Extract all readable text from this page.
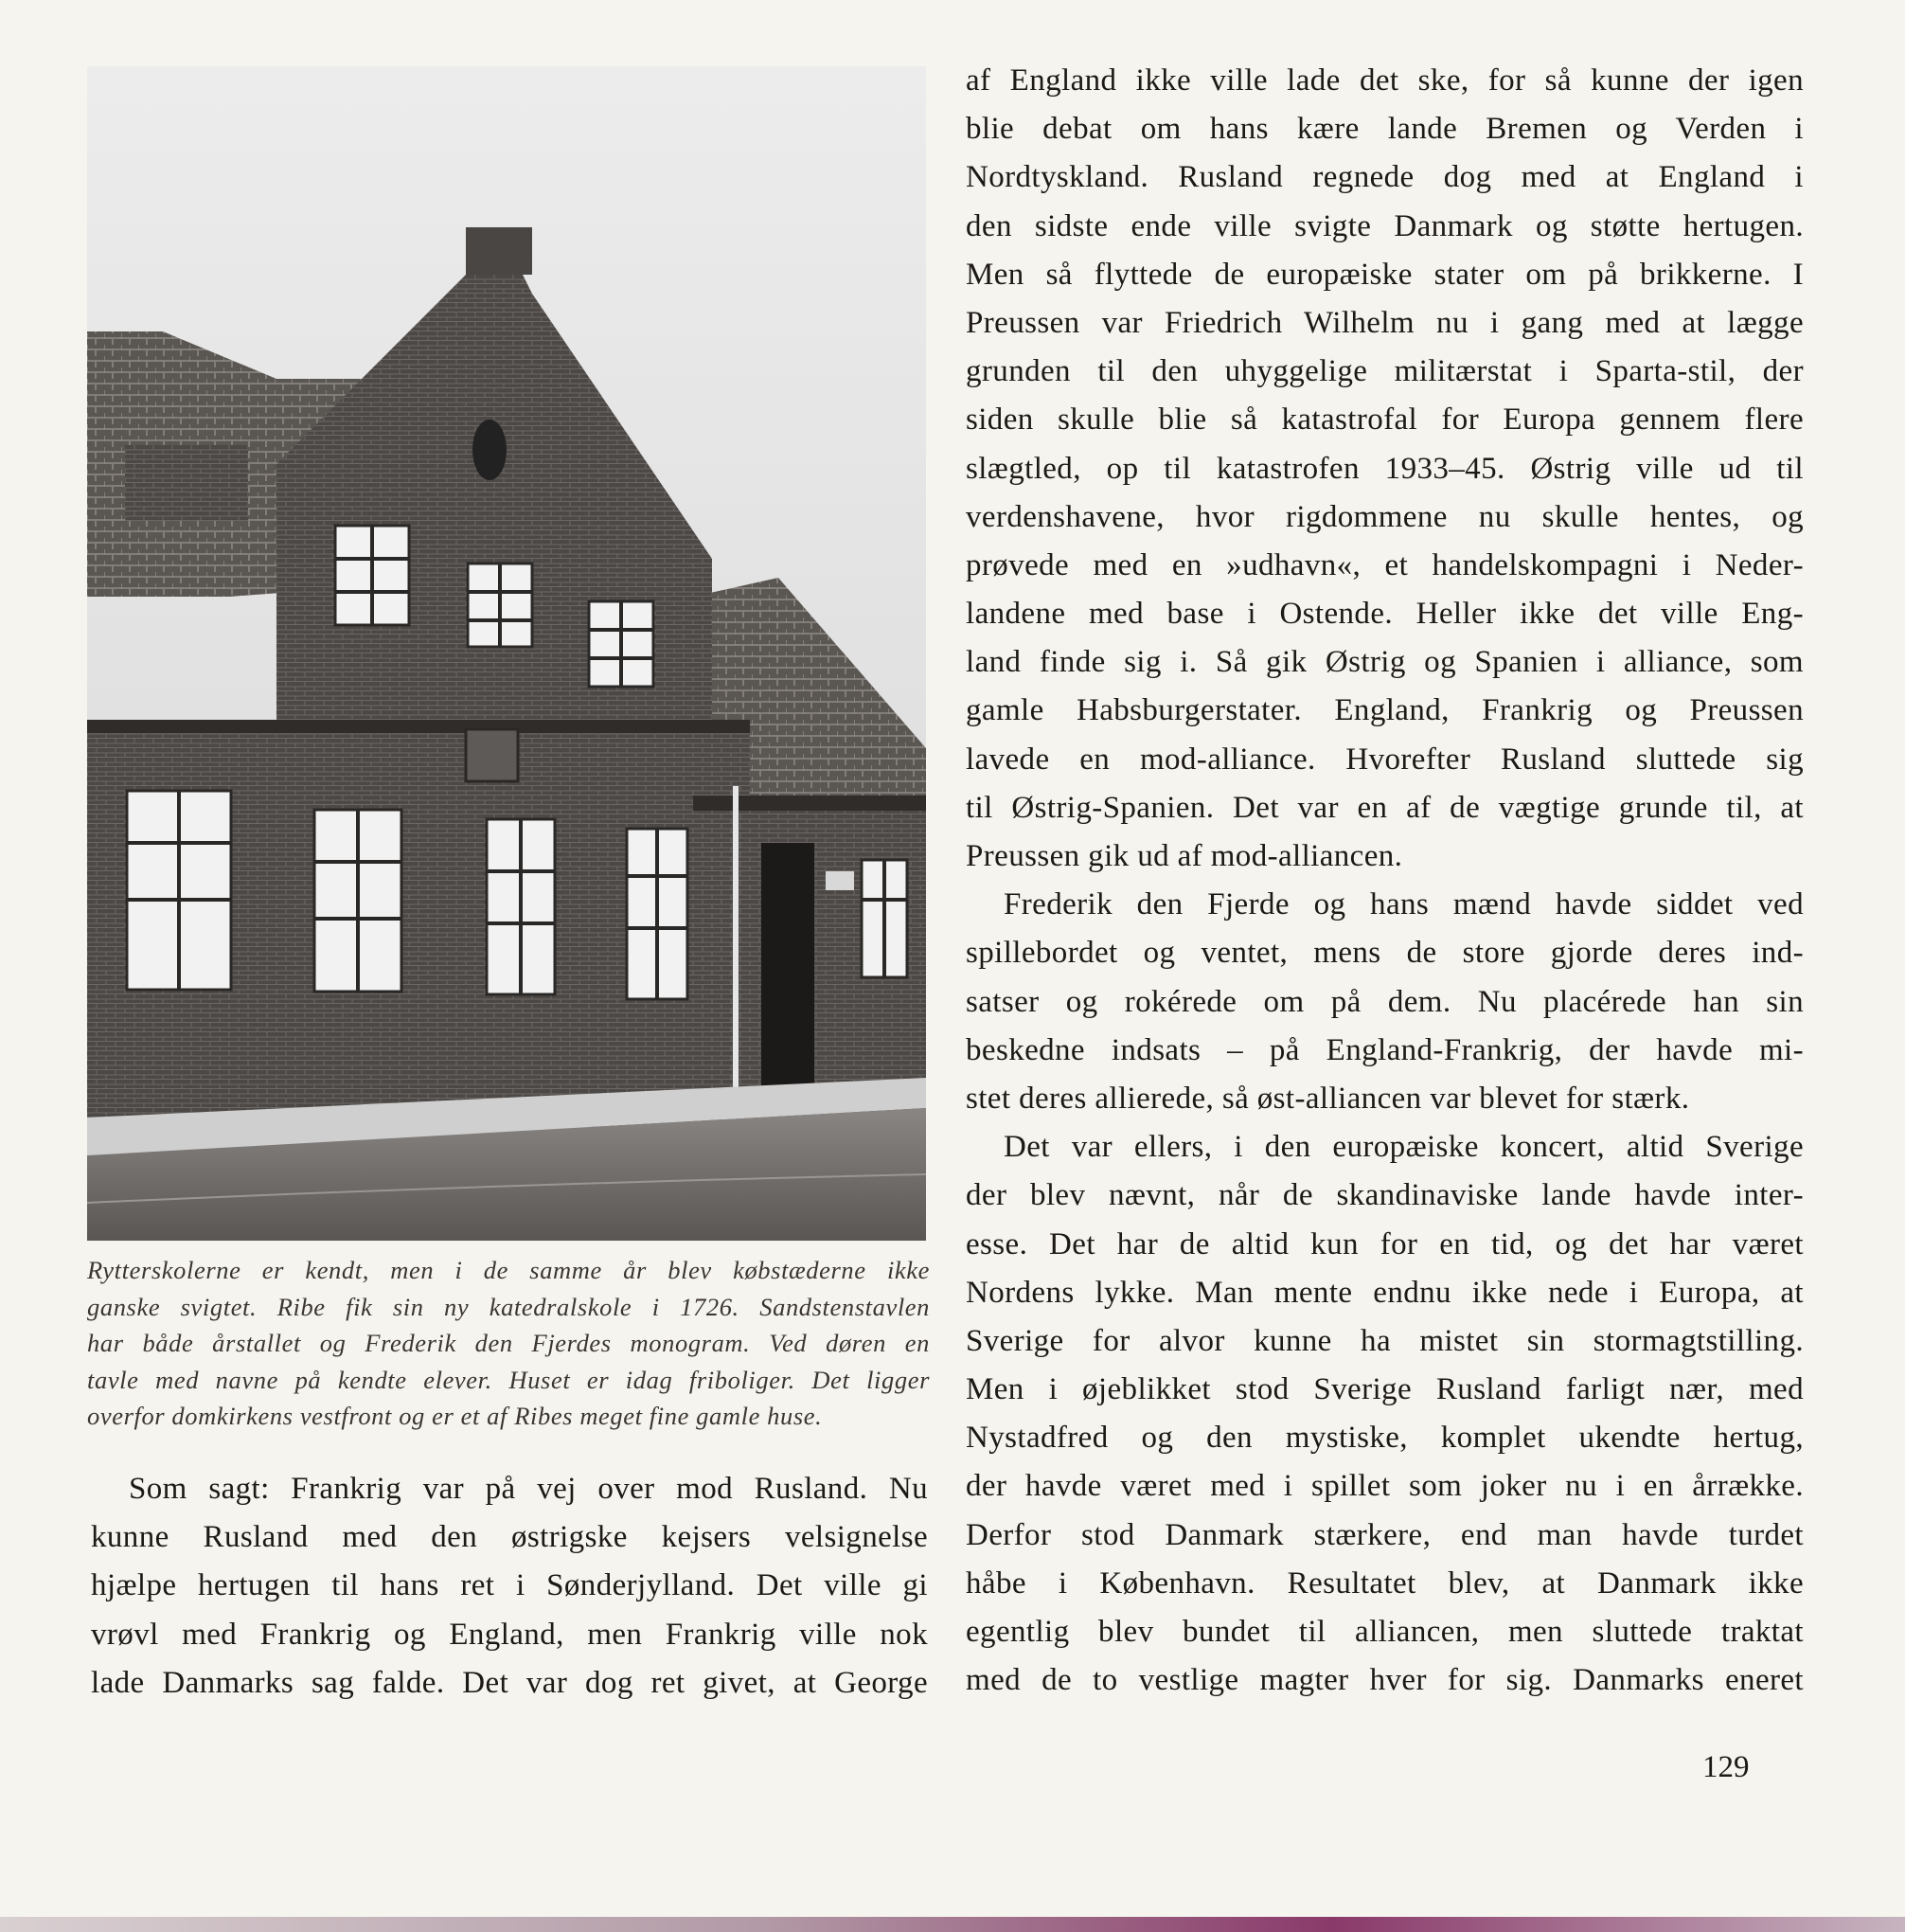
Rytterskolerne er kendt, men i de samme år blev købstæderne ikke
ganske svigtet. Ribe fik sin ny katedralskole i 1726. Sandstenstavlen
har både årstallet og Frederik den Fjerdes monogram. Ved døren en
tavle med navne på kendte elever. Huset er idag friboliger. Det ligger
overfor domkirkens vestfront og er et af Ribes meget fine gamle huse.
Som sagt: Frankrig var på vej over mod Rusland. Nu
kunne Rusland med den østrigske kejsers velsignelse
hjælpe hertugen til hans ret i Sønderjylland. Det ville gi
vrøvl med Frankrig og England, men Frankrig ville nok
lade Danmarks sag falde. Det var dog ret givet, at George
af England ikke ville lade det ske, for så kunne der igen
blie debat om hans kære lande Bremen og Verden i
Nordtyskland. Rusland regnede dog med at England i
den sidste ende ville svigte Danmark og støtte hertugen.
Men så flyttede de europæiske stater om på brikkerne. I
Preussen var Friedrich Wilhelm nu i gang med at lægge
grunden til den uhyggelige militærstat i Sparta-stil, der
siden skulle blie så katastrofal for Europa gennem flere
slægtled, op til katastrofen 1933–45. Østrig ville ud til
verdenshavene, hvor rigdommene nu skulle hentes, og
prøvede med en »udhavn«, et handelskompagni i Neder-
landene med base i Ostende. Heller ikke det ville Eng-
land finde sig i. Så gik Østrig og Spanien i alliance, som
gamle Habsburgerstater. England, Frankrig og Preussen
lavede en mod-alliance. Hvorefter Rusland sluttede sig
til Østrig-Spanien. Det var en af de vægtige grunde til, at
Preussen gik ud af mod-alliancen.
Frederik den Fjerde og hans mænd havde siddet ved
spillebordet og ventet, mens de store gjorde deres ind-
satser og rokérede om på dem. Nu placérede han sin
beskedne indsats – på England-Frankrig, der havde mi-
stet deres allierede, så øst-alliancen var blevet for stærk.
Det var ellers, i den europæiske koncert, altid Sverige
der blev nævnt, når de skandinaviske lande havde inter-
esse. Det har de altid kun for en tid, og det har været
Nordens lykke. Man mente endnu ikke nede i Europa, at
Sverige for alvor kunne ha mistet sin stormagtstilling.
Men i øjeblikket stod Sverige Rusland farligt nær, med
Nystadfred og den mystiske, komplet ukendte hertug,
der havde været med i spillet som joker nu i en årrække.
Derfor stod Danmark stærkere, end man havde turdet
håbe i København. Resultatet blev, at Danmark ikke
egentlig blev bundet til alliancen, men sluttede traktat
med de to vestlige magter hver for sig. Danmarks eneret
129
